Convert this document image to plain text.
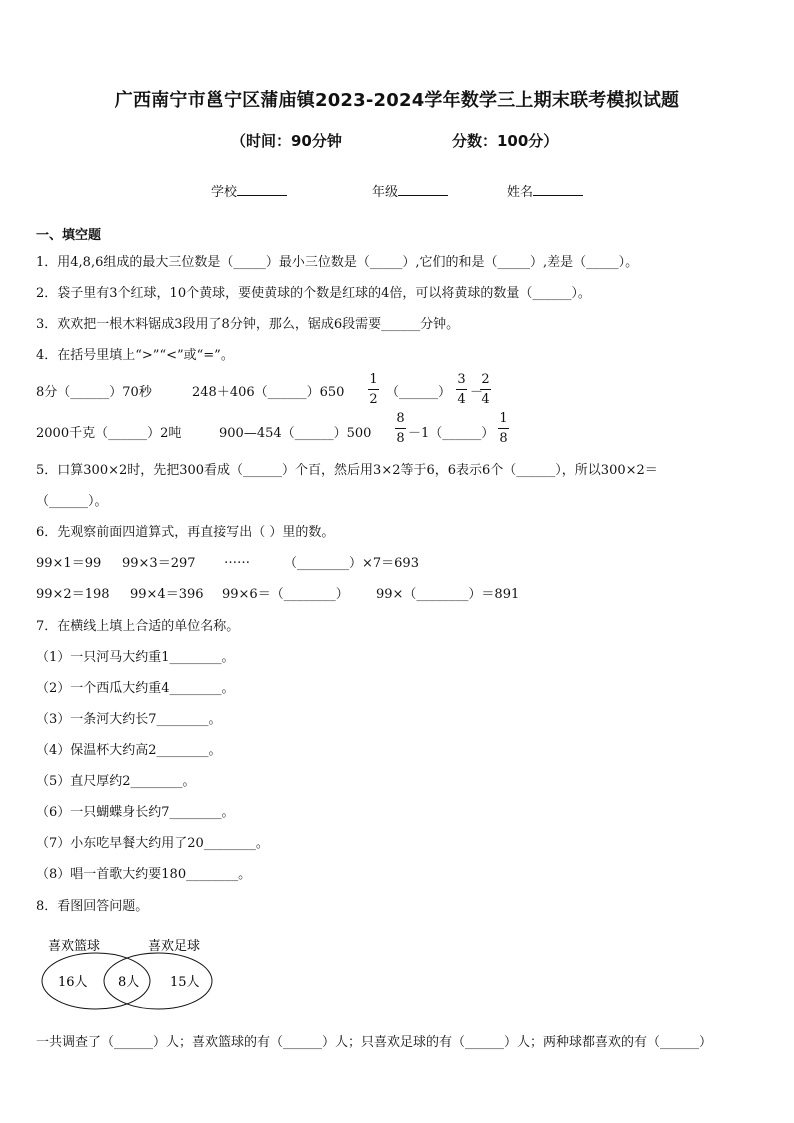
广西南宁市邕宁区蒲庙镇2023-2024学年数学三上期末联考模拟试题
（时间：90分钟	分数：100分）
学校	年级	姓名
一、填空题
1．用4,8,6组成的最大三位数是（_____）最小三位数是（_____）,它们的和是（_____）,差是（_____）。
2．袋子里有3个红球，10个黄球，要使黄球的个数是红球的4倍，可以将黄球的数量（______）。
3．欢欢把一根木料锯成3段用了8分钟，那么，锯成6段需要______分钟。
4．在括号里填上“>”“<”或“=”。
8分（______）70秒	248＋406（______）650
1
2 （______）
3
4 －
2
4
2000千克（______）2吨	900—454（______）500
8
8 －1（______）
1
8
5．口算300×2时，先把300看成（______）个百，然后用3×2等于6，6表示6个（______），所以300×2＝
（______）。
6．先观察前面四道算式，再直接写出（ ）里的数。
99×1＝99 99×3＝297 ……	（________）×7＝693
99×2＝198 99×4＝396 99×6＝（________） 99×（________）＝891
7．在横线上填上合适的单位名称。
（1）一只河马大约重1________。
（2）一个西瓜大约重4________。
（3）一条河大约长7________。
（4）保温杯大约高2________。
（5）直尺厚约2________。
（6）一只蝴蝶身长约7________。
（7）小东吃早餐大约用了20________。
（8）唱一首歌大约要180________。
8．看图回答问题。
喜欢篮球	喜欢足球
16人 8人 15人
一共调查了（______）人；喜欢篮球的有（______）人；只喜欢足球的有（______）人；两种球都喜欢的有（______）
